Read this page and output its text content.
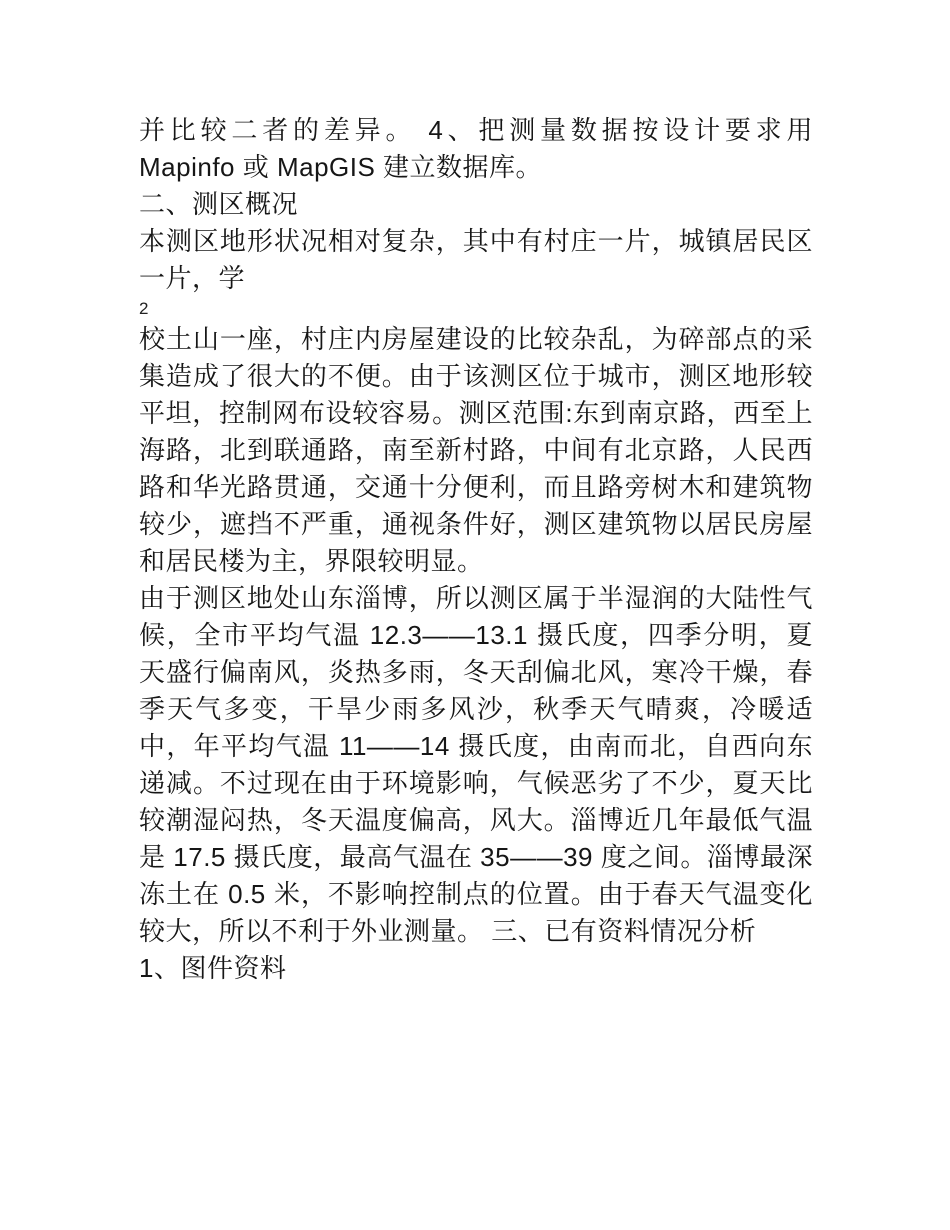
并比较二者的差异。 4、把测量数据按设计要求用 Mapinfo 或 MapGIS 建立数据库。

二、测区概况

本测区地形状况相对复杂，其中有村庄一片，城镇居民区一片，学

2

校土山一座，村庄内房屋建设的比较杂乱，为碎部点的采集造成了很大的不便。由于该测区位于城市，测区地形较平坦，控制网布设较容易。测区范围:东到南京路，西至上海路，北到联通路，南至新村路，中间有北京路，人民西路和华光路贯通，交通十分便利，而且路旁树木和建筑物较少，遮挡不严重，通视条件好，测区建筑物以居民房屋和居民楼为主，界限较明显。

由于测区地处山东淄博，所以测区属于半湿润的大陆性气候，全市平均气温 12.3——13.1 摄氏度，四季分明，夏天盛行偏南风，炎热多雨，冬天刮偏北风，寒冷干燥，春季天气多变，干旱少雨多风沙，秋季天气晴爽，冷暖适中，年平均气温 11——14 摄氏度，由南而北，自西向东递减。不过现在由于环境影响，气候恶劣了不少，夏天比较潮湿闷热，冬天温度偏高，风大。淄博近几年最低气温是 17.5 摄氏度，最高气温在 35——39 度之间。淄博最深冻土在 0.5 米，不影响控制点的位置。由于春天气温变化较大，所以不利于外业测量。 三、已有资料情况分析

1、图件资料
